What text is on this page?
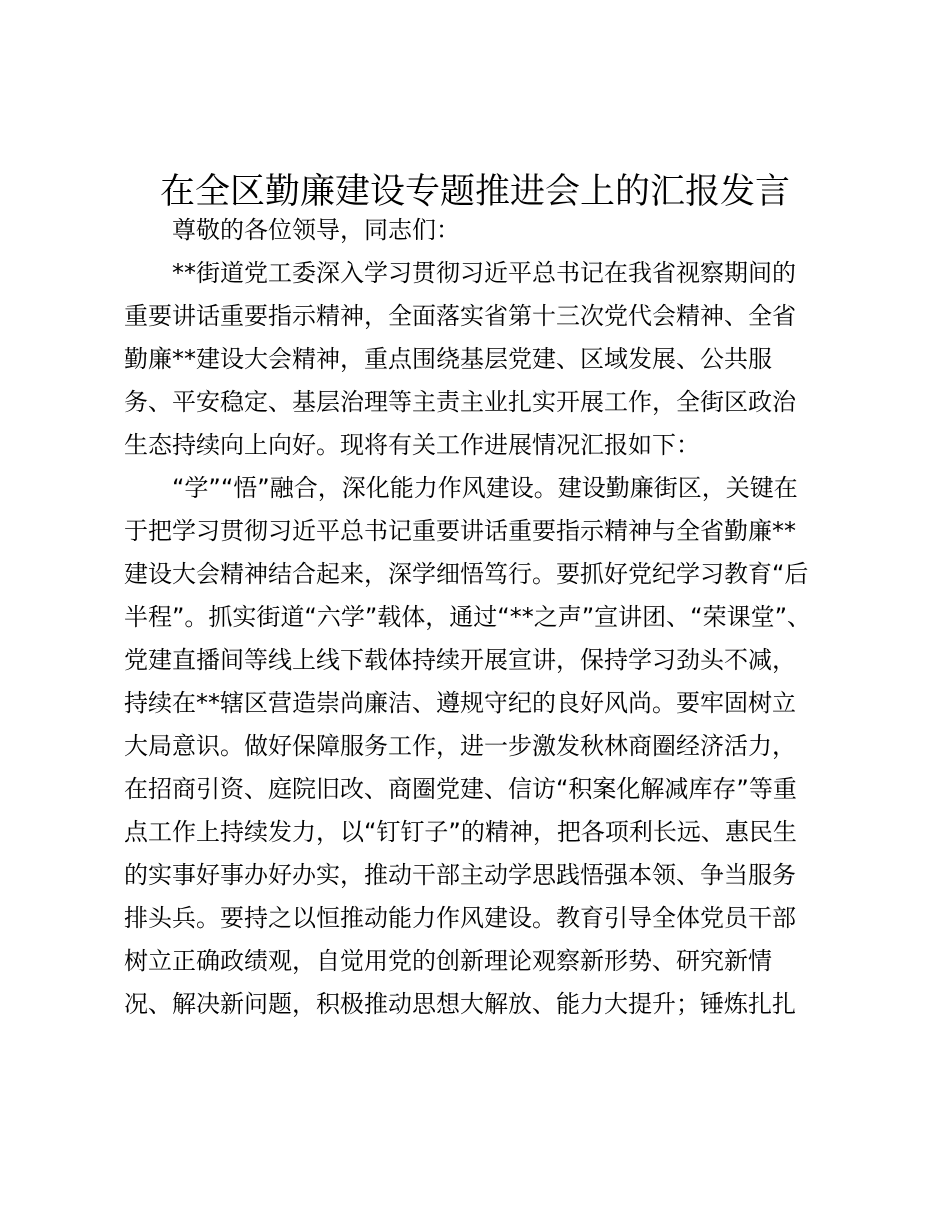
在全区勤廉建设专题推进会上的汇报发言
尊敬的各位领导，同志们：
**街道党工委深入学习贯彻习近平总书记在我省视察期间的
重要讲话重要指示精神，全面落实省第十三次党代会精神、全省
勤廉**建设大会精神，重点围绕基层党建、区域发展、公共服
务、平安稳定、基层治理等主责主业扎实开展工作，全街区政治
生态持续向上向好。现将有关工作进展情况汇报如下：
“学”“悟”融合，深化能力作风建设。建设勤廉街区，关键在
于把学习贯彻习近平总书记重要讲话重要指示精神与全省勤廉**
建设大会精神结合起来，深学细悟笃行。要抓好党纪学习教育“后
半程”。抓实街道“六学”载体，通过“**之声”宣讲团、“荣课堂”、
党建直播间等线上线下载体持续开展宣讲，保持学习劲头不减，
持续在**辖区营造崇尚廉洁、遵规守纪的良好风尚。要牢固树立
大局意识。做好保障服务工作，进一步激发秋林商圈经济活力，
在招商引资、庭院旧改、商圈党建、信访“积案化解减库存”等重
点工作上持续发力，以“钉钉子”的精神，把各项利长远、惠民生
的实事好事办好办实，推动干部主动学思践悟强本领、争当服务
排头兵。要持之以恒推动能力作风建设。教育引导全体党员干部
树立正确政绩观，自觉用党的创新理论观察新形势、研究新情
况、解决新问题，积极推动思想大解放、能力大提升；锤炼扎扎
